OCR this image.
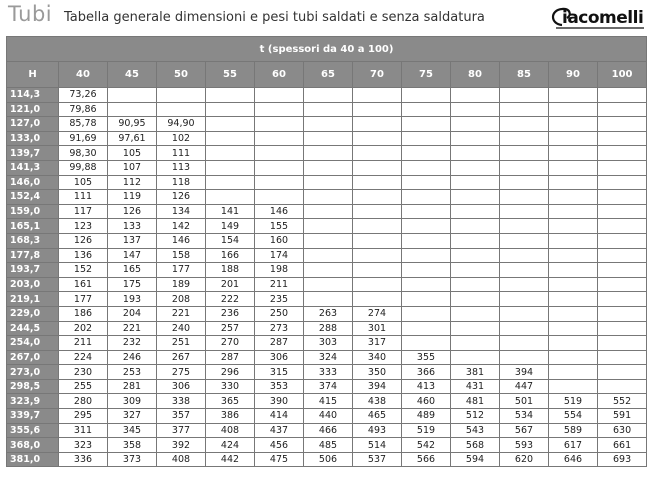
Tubi Tabella generale dimensioni e pesi tubi saldati e senza saldatura	iacomelli
t (spessori da 40 a 100)												
H	40	45	50	55	60	65	70	75	80	85	90	100
114,3	73,26											
121,0	79,86											
127,0	85,78	90,95	94,90									
133,0	91,69	97,61	102									
139,7	98,30	105	111									
141,3	99,88	107	113									
146,0	105	112	118									
152,4	111	119	126									
159,0	117	126	134	141	146							
165,1	123	133	142	149	155							
168,3	126	137	146	154	160							
177,8	136	147	158	166	174							
193,7	152	165	177	188	198							
203,0	161	175	189	201	211							
219,1	177	193	208	222	235							
229,0	186	204	221	236	250	263	274					
244,5	202	221	240	257	273	288	301					
254,0	211	232	251	270	287	303	317					
267,0	224	246	267	287	306	324	340	355				
273,0	230	253	275	296	315	333	350	366	381	394		
298,5	255	281	306	330	353	374	394	413	431	447		
323,9	280	309	338	365	390	415	438	460	481	501	519	552
339,7	295	327	357	386	414	440	465	489	512	534	554	591
355,6	311	345	377	408	437	466	493	519	543	567	589	630
368,0	323	358	392	424	456	485	514	542	568	593	617	661
381,0	336	373	408	442	475	506	537	566	594	620	646	693
